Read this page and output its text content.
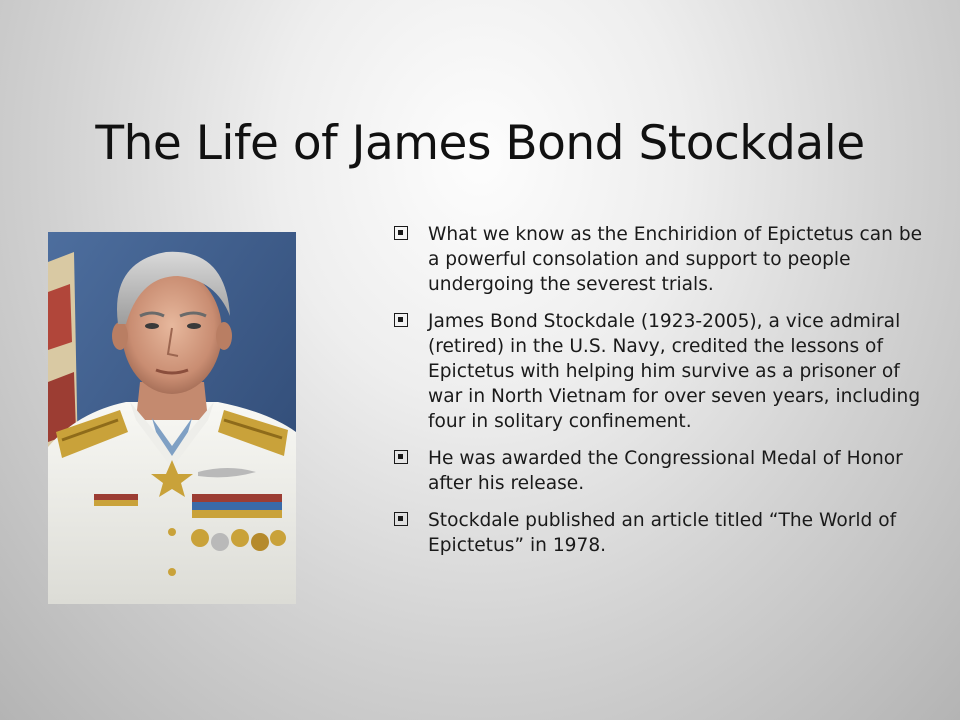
The Life of James Bond Stockdale
What we know as the Enchiridion of Epictetus can be a powerful consolation and support to people undergoing the severest trials.
James Bond Stockdale (1923-2005), a vice admiral (retired) in the U.S. Navy, credited the lessons of Epictetus with helping him survive as a prisoner of war in North Vietnam for over seven years, including four in solitary confinement.
He was awarded the Congressional Medal of Honor after his release.
Stockdale published an article titled “The World of Epictetus” in 1978.
